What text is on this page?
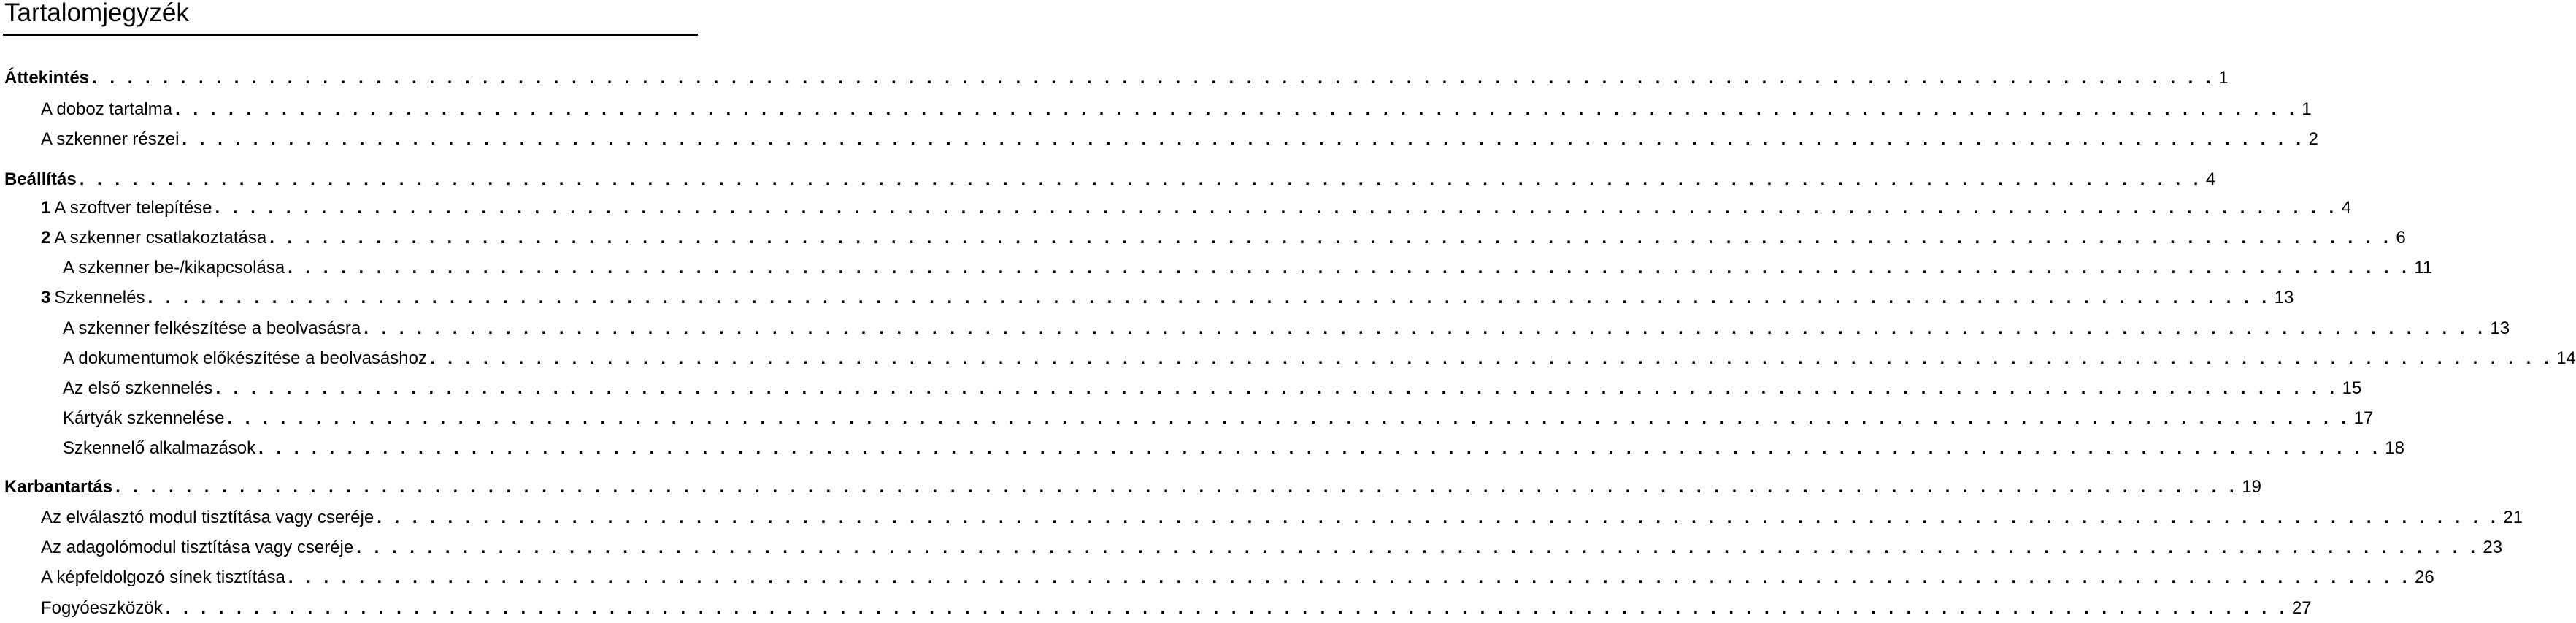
Tartalomjegyzék
Áttekintés . . . . . . . . . . . . . . . . . . . . . . . . . . . . . . . . . . . . . . . . . . . . . . . . . . . . . . . . . . . . . . . . . . . . . . . . . . . . . . . . . . . . . . . . . . . . . . . . . . . . . . . . . . . . . . . . . . . . . . . . 1
A doboz tartalma . . . . . . . . . . . . . . . . . . . . . . . . . . . . . . . . . . . . . . . . . . . . . . . . . . . . . . . . . . . . . . . . . . . . . . . . . . . . . . . . . . . . . . . . . . . . . . . . . . . . . . . . . . . . . . . . . . . . . . . . 1
A szkenner részei . . . . . . . . . . . . . . . . . . . . . . . . . . . . . . . . . . . . . . . . . . . . . . . . . . . . . . . . . . . . . . . . . . . . . . . . . . . . . . . . . . . . . . . . . . . . . . . . . . . . . . . . . . . . . . . . . . . . . . . . 2
Beállítás . . . . . . . . . . . . . . . . . . . . . . . . . . . . . . . . . . . . . . . . . . . . . . . . . . . . . . . . . . . . . . . . . . . . . . . . . . . . . . . . . . . . . . . . . . . . . . . . . . . . . . . . . . . . . . . . . . . . . . . . 4
1 A szoftver telepítése . . . . . . . . . . . . . . . . . . . . . . . . . . . . . . . . . . . . . . . . . . . . . . . . . . . . . . . . . . . . . . . . . . . . . . . . . . . . . . . . . . . . . . . . . . . . . . . . . . . . . . . . . . . . . . . . . . . . . . . . 4
2 A szkenner csatlakoztatása . . . . . . . . . . . . . . . . . . . . . . . . . . . . . . . . . . . . . . . . . . . . . . . . . . . . . . . . . . . . . . . . . . . . . . . . . . . . . . . . . . . . . . . . . . . . . . . . . . . . . . . . . . . . . . . . . . . . . . . . 6
A szkenner be-/kikapcsolása . . . . . . . . . . . . . . . . . . . . . . . . . . . . . . . . . . . . . . . . . . . . . . . . . . . . . . . . . . . . . . . . . . . . . . . . . . . . . . . . . . . . . . . . . . . . . . . . . . . . . . . . . . . . . . . . . . . . . . . . 11
3 Szkennelés . . . . . . . . . . . . . . . . . . . . . . . . . . . . . . . . . . . . . . . . . . . . . . . . . . . . . . . . . . . . . . . . . . . . . . . . . . . . . . . . . . . . . . . . . . . . . . . . . . . . . . . . . . . . . . . . . . . . . . . . 13
A szkenner felkészítése a beolvasásra . . . . . . . . . . . . . . . . . . . . . . . . . . . . . . . . . . . . . . . . . . . . . . . . . . . . . . . . . . . . . . . . . . . . . . . . . . . . . . . . . . . . . . . . . . . . . . . . . . . . . . . . . . . . . . . . . . . . . . . . 13
A dokumentumok előkészítése a beolvasáshoz . . . . . . . . . . . . . . . . . . . . . . . . . . . . . . . . . . . . . . . . . . . . . . . . . . . . . . . . . . . . . . . . . . . . . . . . . . . . . . . . . . . . . . . . . . . . . . . . . . . . . . . . . . . . . . . . . . . . . . . . 14
Az első szkennelés . . . . . . . . . . . . . . . . . . . . . . . . . . . . . . . . . . . . . . . . . . . . . . . . . . . . . . . . . . . . . . . . . . . . . . . . . . . . . . . . . . . . . . . . . . . . . . . . . . . . . . . . . . . . . . . . . . . . . . . . 15
Kártyák szkennelése . . . . . . . . . . . . . . . . . . . . . . . . . . . . . . . . . . . . . . . . . . . . . . . . . . . . . . . . . . . . . . . . . . . . . . . . . . . . . . . . . . . . . . . . . . . . . . . . . . . . . . . . . . . . . . . . . . . . . . . . 17
Szkennelő alkalmazások . . . . . . . . . . . . . . . . . . . . . . . . . . . . . . . . . . . . . . . . . . . . . . . . . . . . . . . . . . . . . . . . . . . . . . . . . . . . . . . . . . . . . . . . . . . . . . . . . . . . . . . . . . . . . . . . . . . . . . . . 18
Karbantartás . . . . . . . . . . . . . . . . . . . . . . . . . . . . . . . . . . . . . . . . . . . . . . . . . . . . . . . . . . . . . . . . . . . . . . . . . . . . . . . . . . . . . . . . . . . . . . . . . . . . . . . . . . . . . . . . . . . . . . . . 19
Az elválasztó modul tisztítása vagy cseréje . . . . . . . . . . . . . . . . . . . . . . . . . . . . . . . . . . . . . . . . . . . . . . . . . . . . . . . . . . . . . . . . . . . . . . . . . . . . . . . . . . . . . . . . . . . . . . . . . . . . . . . . . . . . . . . . . . . . . . . . 21
Az adagolómodul tisztítása vagy cseréje . . . . . . . . . . . . . . . . . . . . . . . . . . . . . . . . . . . . . . . . . . . . . . . . . . . . . . . . . . . . . . . . . . . . . . . . . . . . . . . . . . . . . . . . . . . . . . . . . . . . . . . . . . . . . . . . . . . . . . . . 23
A képfeldolgozó sínek tisztítása . . . . . . . . . . . . . . . . . . . . . . . . . . . . . . . . . . . . . . . . . . . . . . . . . . . . . . . . . . . . . . . . . . . . . . . . . . . . . . . . . . . . . . . . . . . . . . . . . . . . . . . . . . . . . . . . . . . . . . . . 26
Fogyóeszközök . . . . . . . . . . . . . . . . . . . . . . . . . . . . . . . . . . . . . . . . . . . . . . . . . . . . . . . . . . . . . . . . . . . . . . . . . . . . . . . . . . . . . . . . . . . . . . . . . . . . . . . . . . . . . . . . . . . . . . . . 27
